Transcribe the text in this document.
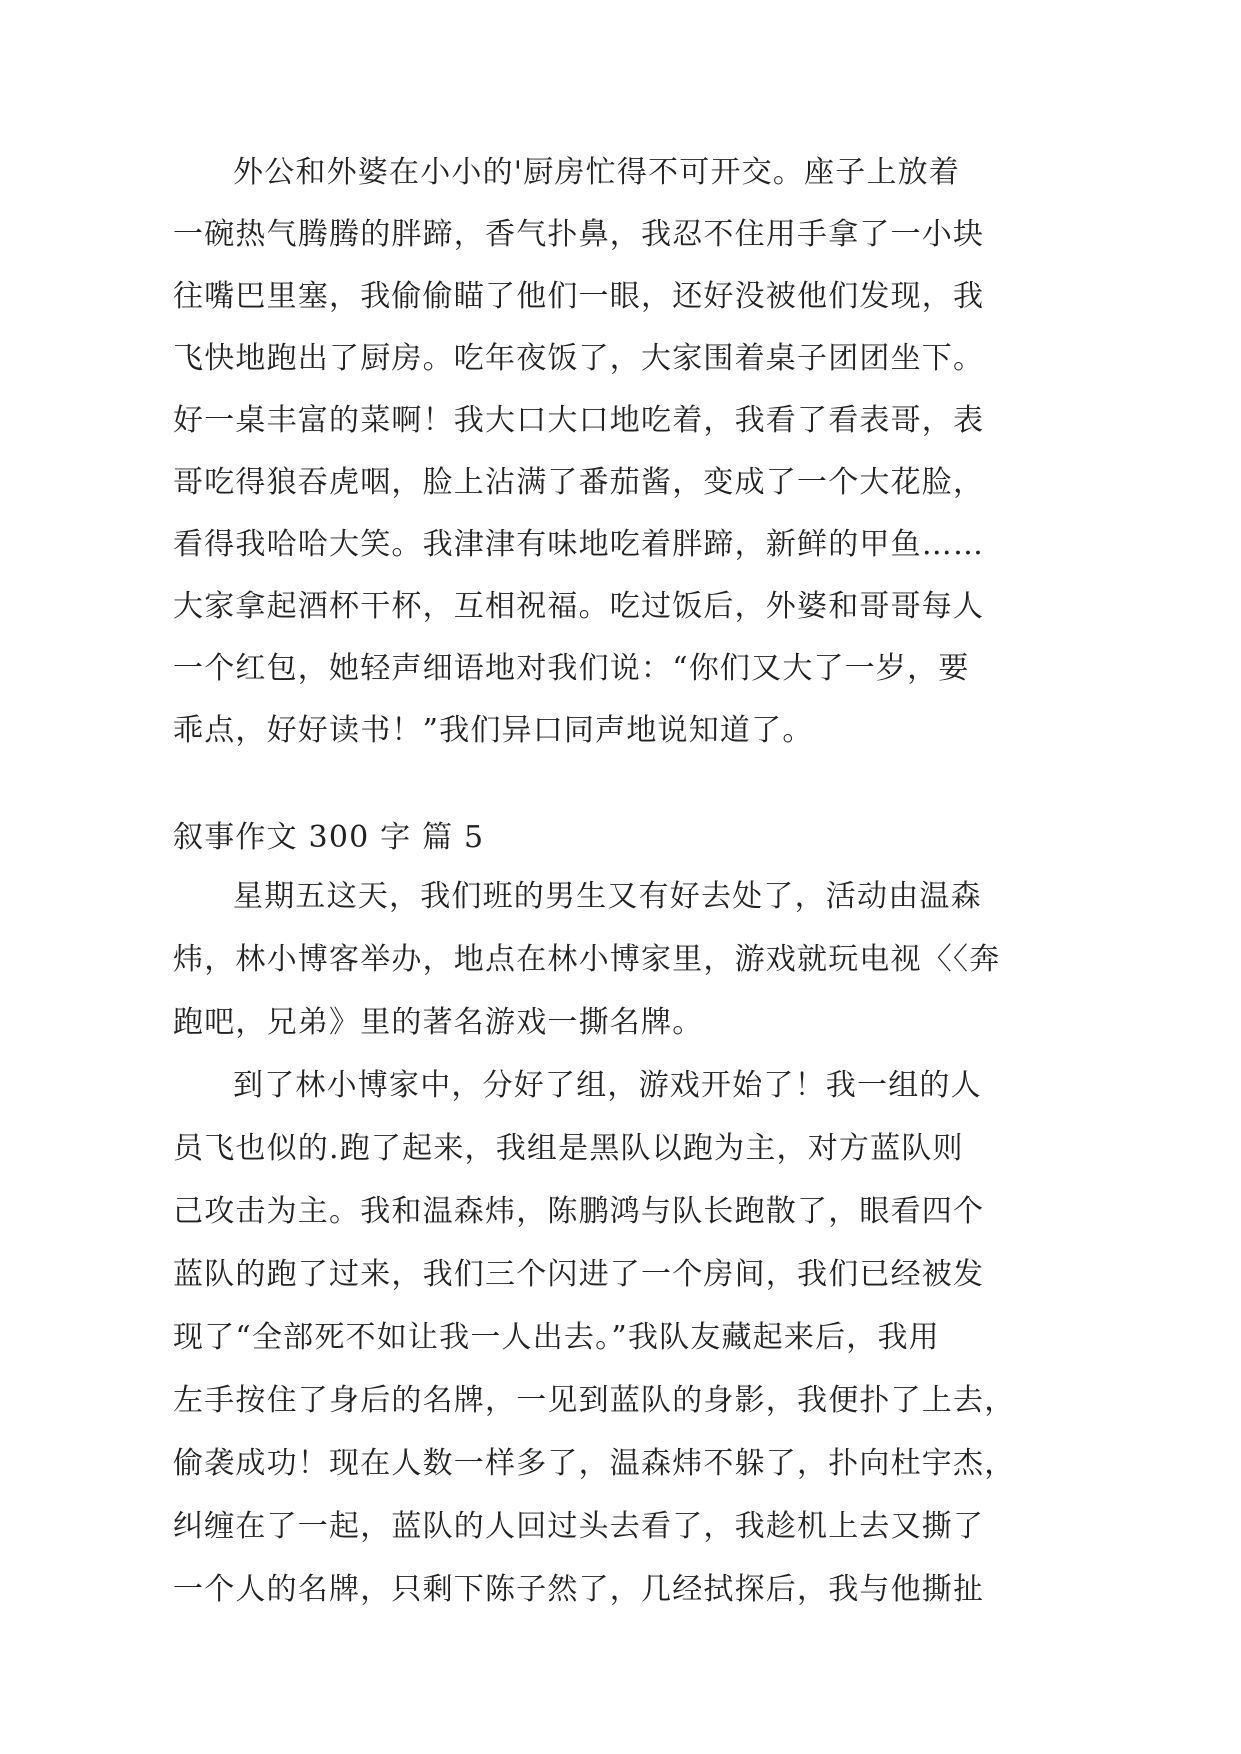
外公和外婆在小小的'厨房忙得不可开交。座子上放着
一碗热气腾腾的胖蹄，香气扑鼻，我忍不住用手拿了一小块
往嘴巴里塞，我偷偷瞄了他们一眼，还好没被他们发现，我
飞快地跑出了厨房。吃年夜饭了，大家围着桌子团团坐下。
好一桌丰富的菜啊！我大口大口地吃着，我看了看表哥，表
哥吃得狼吞虎咽，脸上沾满了番茄酱，变成了一个大花脸，
看得我哈哈大笑。我津津有味地吃着胖蹄，新鲜的甲鱼……
大家拿起酒杯干杯，互相祝福。吃过饭后，外婆和哥哥每人
一个红包，她轻声细语地对我们说：“你们又大了一岁，要
乖点，好好读书！”我们异口同声地说知道了。
叙事作文 300 字 篇 5
星期五这天，我们班的男生又有好去处了，活动由温森
炜，林小博客举办，地点在林小博家里，游戏就玩电视〈〈奔
跑吧，兄弟》里的著名游戏一撕名牌。
到了林小博家中，分好了组，游戏开始了！我一组的人
员飞也似的.跑了起来，我组是黑队以跑为主，对方蓝队则
己攻击为主。我和温森炜，陈鹏鸿与队长跑散了，眼看四个
蓝队的跑了过来，我们三个闪进了一个房间，我们已经被发
现了“全部死不如让我一人出去。”我队友藏起来后，我用
左手按住了身后的名牌，一见到蓝队的身影，我便扑了上去，
偷袭成功！现在人数一样多了，温森炜不躲了，扑向杜宇杰，
纠缠在了一起，蓝队的人回过头去看了，我趁机上去又撕了
一个人的名牌，只剩下陈子然了，几经拭探后，我与他撕扯
